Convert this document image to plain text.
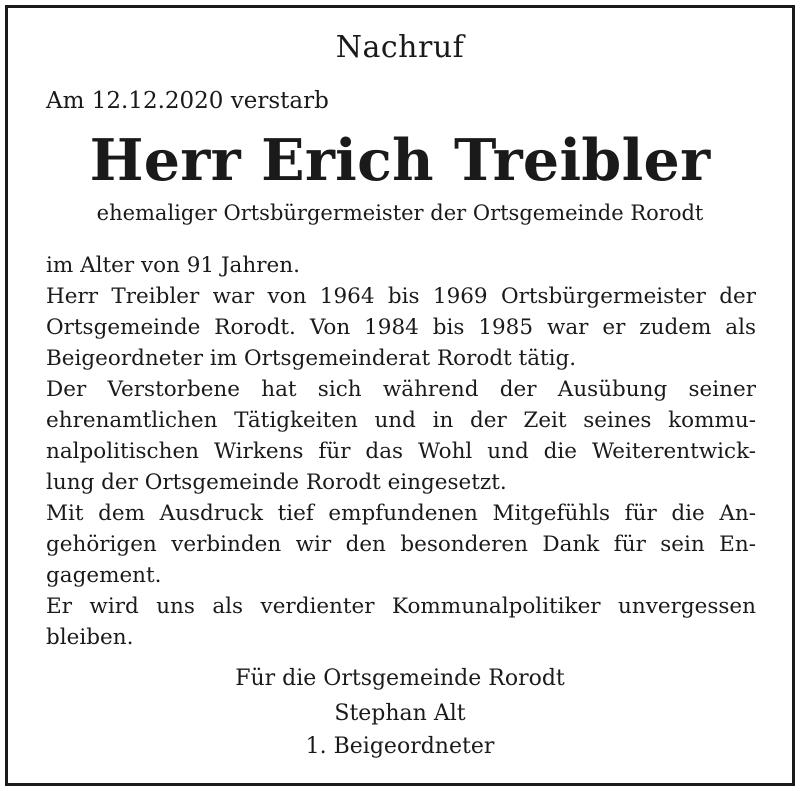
Nachruf
Am 12.12.2020 verstarb
Herr Erich Treibler
ehemaliger Ortsbürgermeister der Ortsgemeinde Rorodt
im Alter von 91 Jahren.
Herr Treibler war von 1964 bis 1969 Ortsbürgermeister der
Ortsgemeinde Rorodt. Von 1984 bis 1985 war er zudem als
Beigeordneter im Ortsgemeinderat Rorodt tätig.
Der Verstorbene hat sich während der Ausübung seiner
ehrenamtlichen Tätigkeiten und in der Zeit seines kommu-
nalpolitischen Wirkens für das Wohl und die Weiterentwick-
lung der Ortsgemeinde Rorodt eingesetzt.
Mit dem Ausdruck tief empfundenen Mitgefühls für die An-
gehörigen verbinden wir den besonderen Dank für sein En-
gagement.
Er wird uns als verdienter Kommunalpolitiker unvergessen
bleiben.
Für die Ortsgemeinde Rorodt
Stephan Alt
1. Beigeordneter
